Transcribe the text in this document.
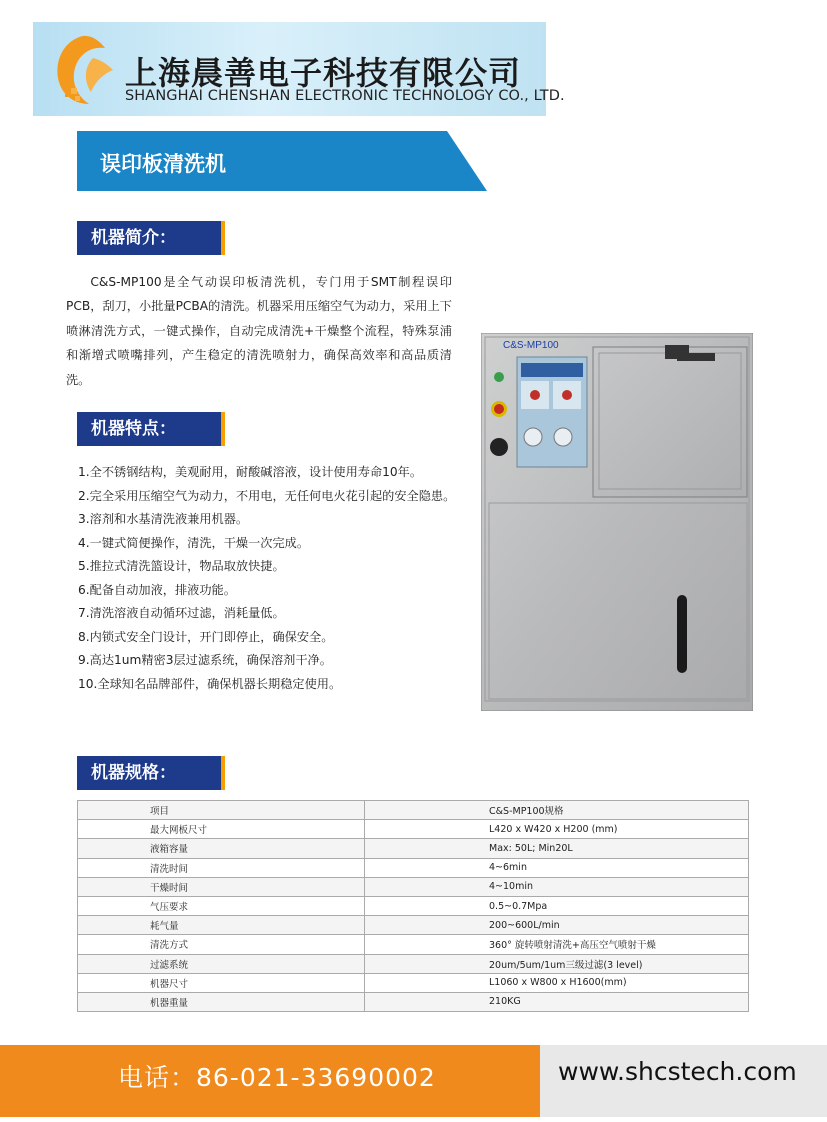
上海晨善电子科技有限公司
SHANGHAI CHENSHAN ELECTRONIC TECHNOLOGY CO., LTD.
误印板清洗机
机器简介：
C&S-MP100是全气动误印板清洗机，专门用于SMT制程误印PCB，刮刀，小批量PCBA的清洗。机器采用压缩空气为动力，采用上下喷淋清洗方式，一键式操作，自动完成清洗+干燥整个流程，特殊泵浦和渐增式喷嘴排列，产生稳定的清洗喷射力，确保高效率和高品质清洗。
机器特点：
1.全不锈钢结构，美观耐用，耐酸碱溶液，设计使用寿命10年。
2.完全采用压缩空气为动力，不用电，无任何电火花引起的安全隐患。
3.溶剂和水基清洗液兼用机器。
4.一键式简便操作，清洗，干燥一次完成。
5.推拉式清洗篮设计，物品取放快捷。
6.配备自动加液，排液功能。
7.清洗溶液自动循环过滤，消耗量低。
8.内锁式安全门设计，开门即停止，确保安全。
9.高达1um精密3层过滤系统，确保溶剂干净。
10.全球知名品牌部件，确保机器长期稳定使用。
C&S-MP100
机器规格：
项目	C&S-MP100规格
最大网板尺寸	L420 x W420 x H200 (mm)
液箱容量	Max: 50L; Min20L
清洗时间	4~6min
干燥时间	4~10min
气压要求	0.5~0.7Mpa
耗气量	200~600L/min
清洗方式	360° 旋转喷射清洗+高压空气喷射干燥
过滤系统	20um/5um/1um三级过滤(3 level)
机器尺寸	L1060 x W800 x H1600(mm)
机器重量	210KG
电话：86-021-33690002	www.shcstech.com
